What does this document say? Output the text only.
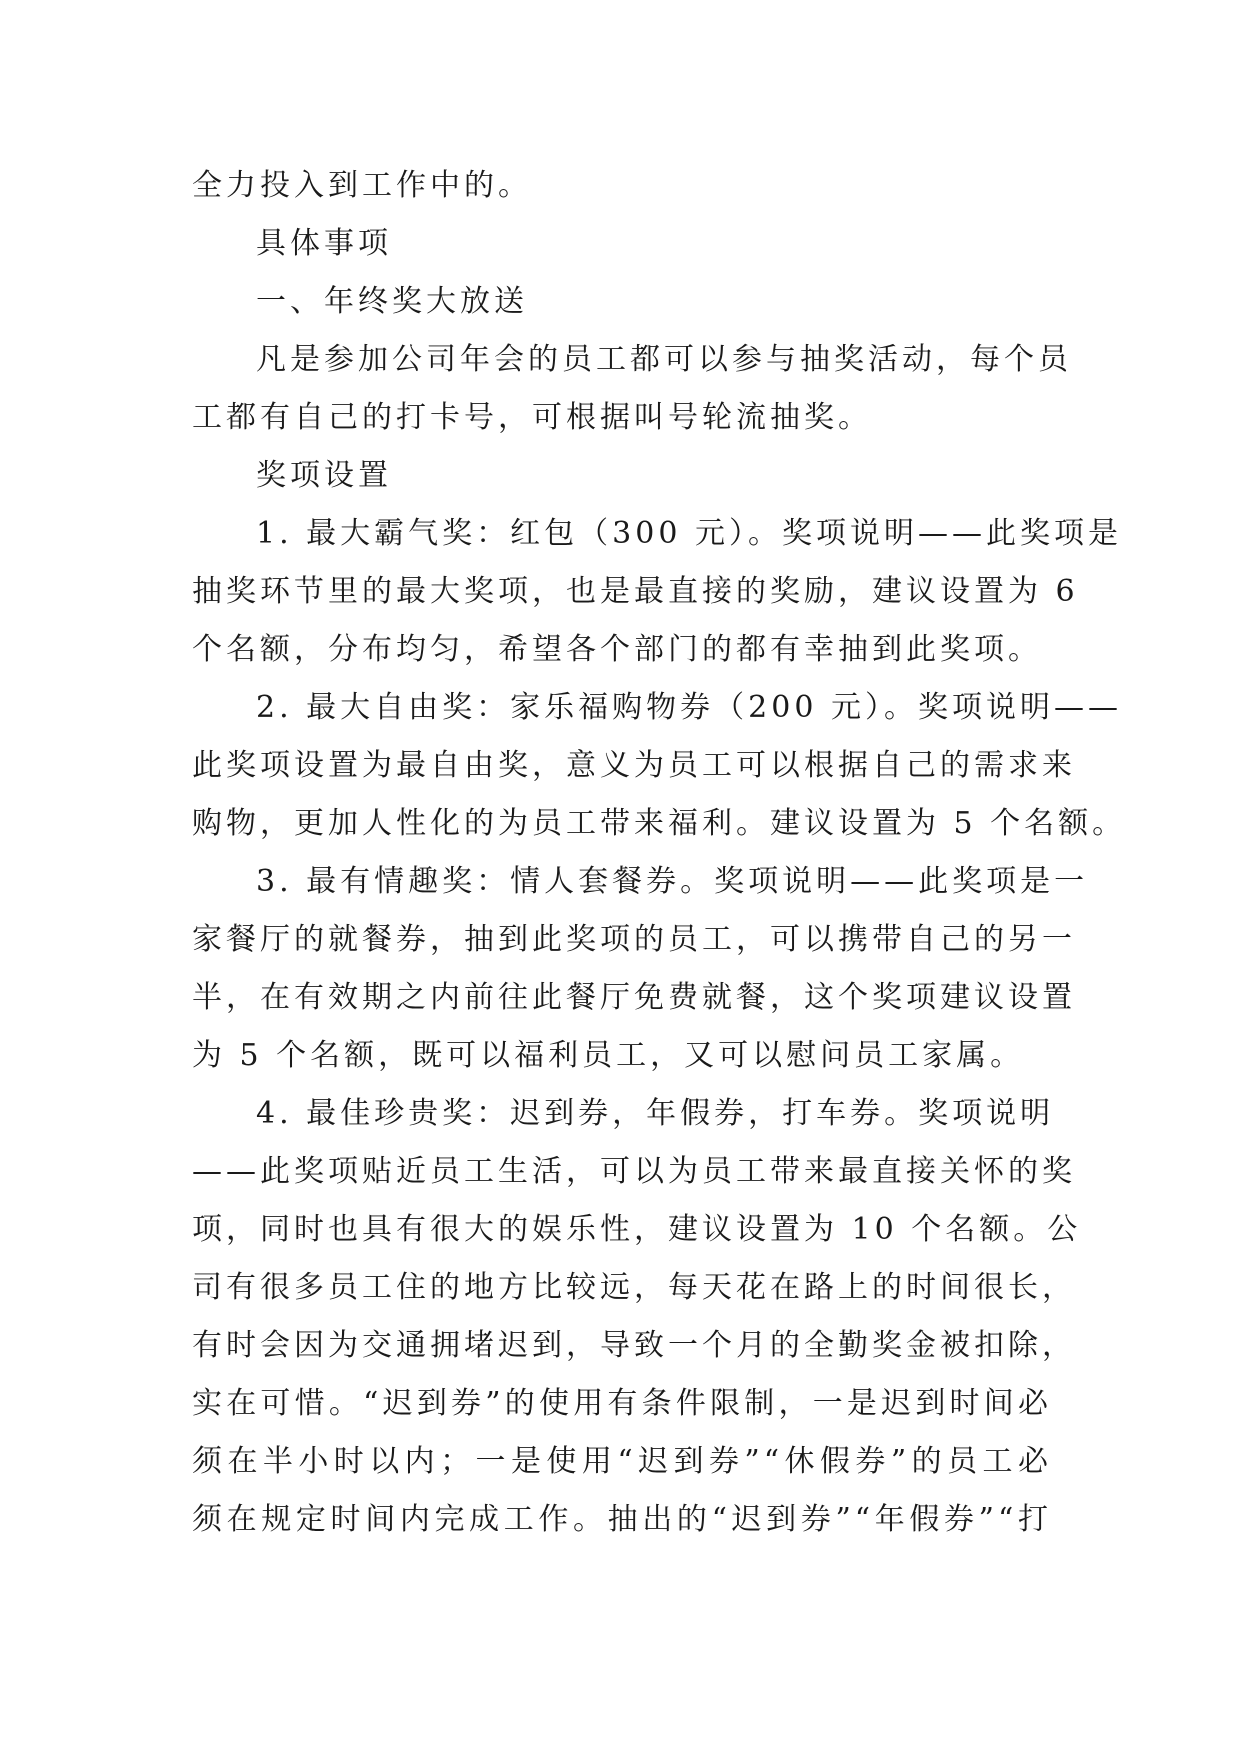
全力投入到工作中的。
具体事项
一、年终奖大放送
凡是参加公司年会的员工都可以参与抽奖活动，每个员
工都有自己的打卡号，可根据叫号轮流抽奖。
奖项设置
1. 最大霸气奖：红包（300 元）。奖项说明——此奖项是
抽奖环节里的最大奖项，也是最直接的奖励，建议设置为 6
个名额，分布均匀，希望各个部门的都有幸抽到此奖项。
2. 最大自由奖：家乐福购物券（200 元）。奖项说明——
此奖项设置为最自由奖，意义为员工可以根据自己的需求来
购物，更加人性化的为员工带来福利。建议设置为 5 个名额。
3. 最有情趣奖：情人套餐券。奖项说明——此奖项是一
家餐厅的就餐券，抽到此奖项的员工，可以携带自己的另一
半，在有效期之内前往此餐厅免费就餐，这个奖项建议设置
为 5 个名额，既可以福利员工，又可以慰问员工家属。
4. 最佳珍贵奖：迟到券，年假券，打车券。奖项说明
——此奖项贴近员工生活，可以为员工带来最直接关怀的奖
项，同时也具有很大的娱乐性，建议设置为 10 个名额。公
司有很多员工住的地方比较远，每天花在路上的时间很长，
有时会因为交通拥堵迟到，导致一个月的全勤奖金被扣除，
实在可惜。“迟到券”的使用有条件限制，一是迟到时间必
须在半小时以内；一是使用“迟到券”“休假券”的员工必
须在规定时间内完成工作。抽出的“迟到券”“年假券”“打
